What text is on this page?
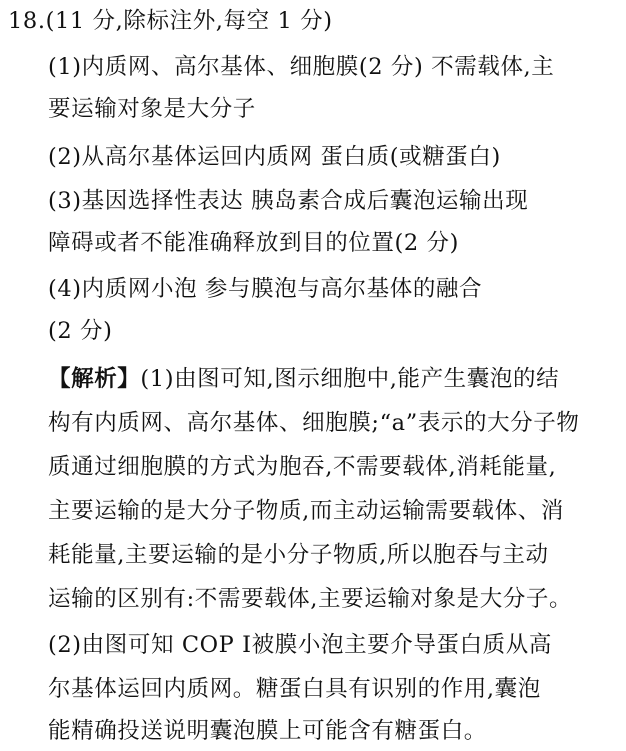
18.(11 分,除标注外,每空 1 分)
(1)内质网、高尔基体、细胞膜(2 分) 不需载体,主
要运输对象是大分子
(2)从高尔基体运回内质网 蛋白质(或糖蛋白)
(3)基因选择性表达 胰岛素合成后囊泡运输出现
障碍或者不能准确释放到目的位置(2 分)
(4)内质网小泡 参与膜泡与高尔基体的融合
(2 分)
【解析】(1)由图可知,图示细胞中,能产生囊泡的结
构有内质网、高尔基体、细胞膜;“a”表示的大分子物
质通过细胞膜的方式为胞吞,不需要载体,消耗能量,
主要运输的是大分子物质,而主动运输需要载体、消
耗能量,主要运输的是小分子物质,所以胞吞与主动
运输的区别有:不需要载体,主要运输对象是大分子。
(2)由图可知 COP Ⅰ被膜小泡主要介导蛋白质从高
尔基体运回内质网。糖蛋白具有识别的作用,囊泡
能精确投送说明囊泡膜上可能含有糖蛋白。
